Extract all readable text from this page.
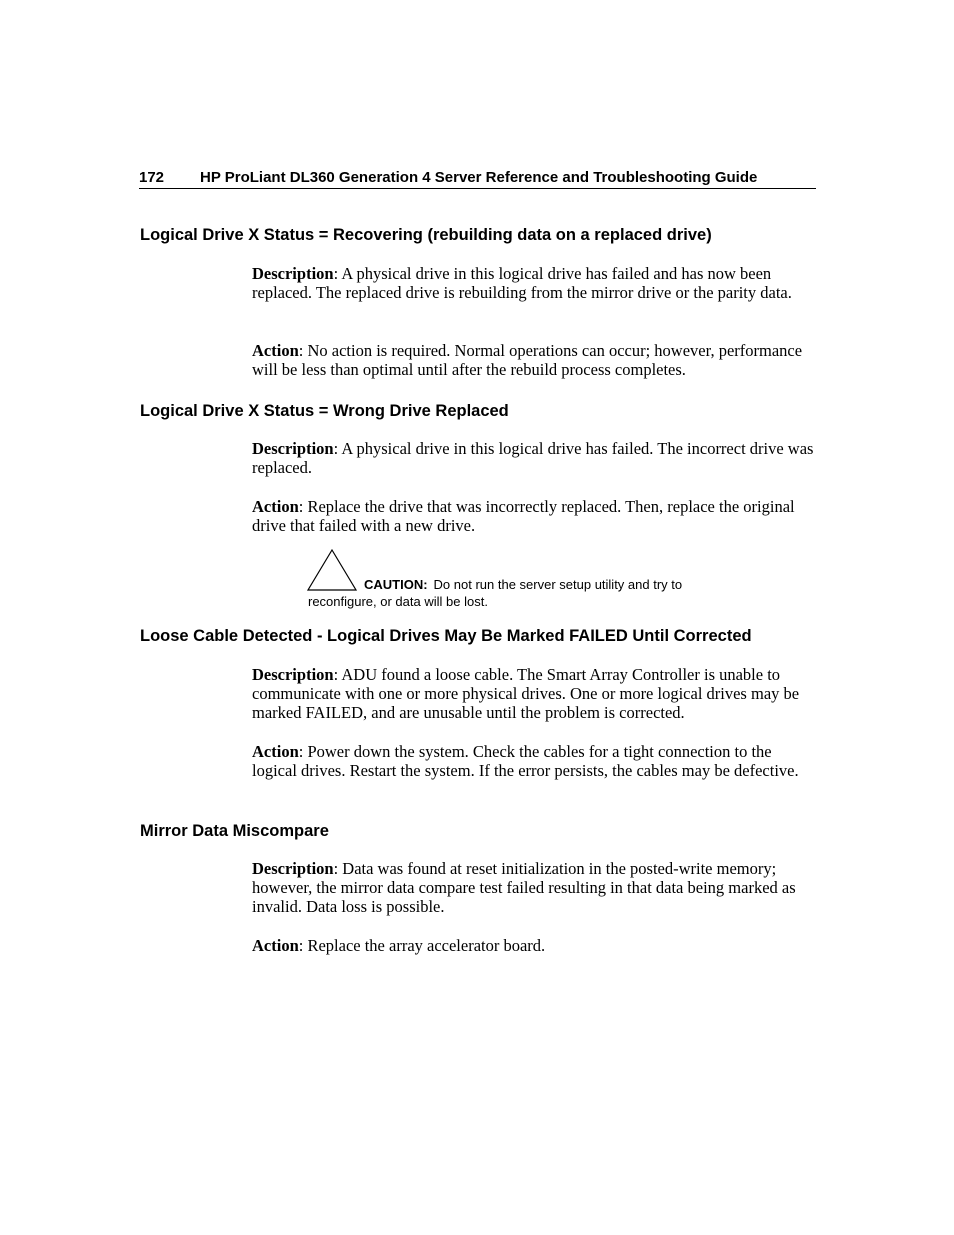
172 HP ProLiant DL360 Generation 4 Server Reference and Troubleshooting Guide
Logical Drive X Status = Recovering (rebuilding data on a replaced drive)

Description: A physical drive in this logical drive has failed and has now been replaced. The replaced drive is rebuilding from the mirror drive or the parity data.

Action: No action is required. Normal operations can occur; however, performance will be less than optimal until after the rebuild process completes.

Logical Drive X Status = Wrong Drive Replaced

Description: A physical drive in this logical drive has failed. The incorrect drive was replaced.

Action: Replace the drive that was incorrectly replaced. Then, replace the original drive that failed with a new drive.

CAUTION: Do not run the server setup utility and try to
reconfigure, or data will be lost.
Loose Cable Detected - Logical Drives May Be Marked FAILED Until Corrected

Description: ADU found a loose cable. The Smart Array Controller is unable to communicate with one or more physical drives. One or more logical drives may be marked FAILED, and are unusable until the problem is corrected.

Action: Power down the system. Check the cables for a tight connection to the logical drives. Restart the system. If the error persists, the cables may be defective.

Mirror Data Miscompare

Description: Data was found at reset initialization in the posted-write memory; however, the mirror data compare test failed resulting in that data being marked as invalid. Data loss is possible.

Action: Replace the array accelerator board.
